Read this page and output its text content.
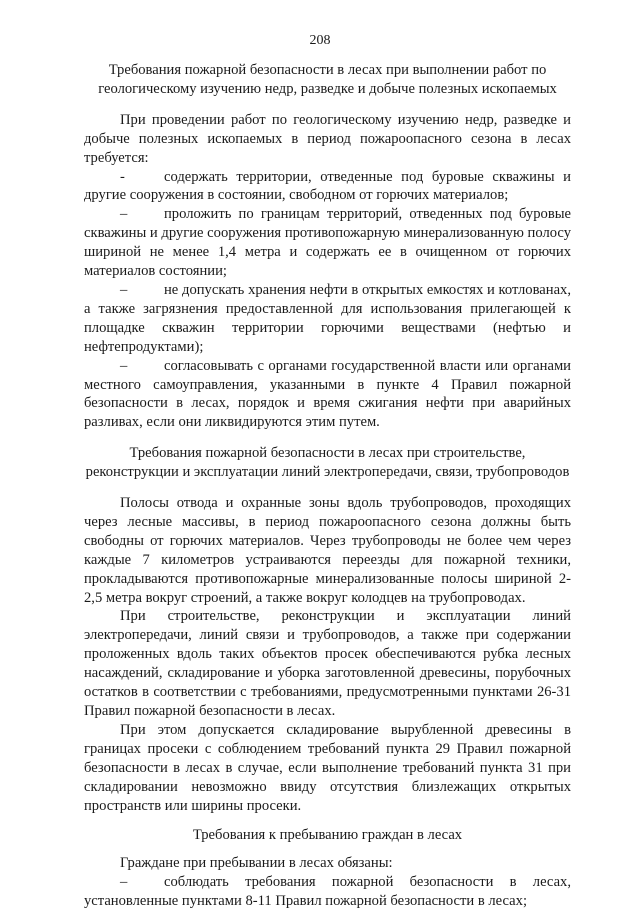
208
Требования пожарной безопасности в лесах при выполнении работ по геологическому изучению недр, разведке и добыче полезных ископаемых

При проведении работ по геологическому изучению недр, разведке и добыче полезных ископаемых в период пожароопасного сезона в лесах требуется:

-	содержать территории, отведенные под буровые скважины и другие сооружения в состоянии, свободном от горючих материалов;

–	проложить по границам территорий, отведенных под буровые скважины и другие сооружения противопожарную минерализованную полосу шириной не менее 1,4 метра и содержать ее в очищенном от горючих материалов состоянии;

–	не допускать хранения нефти в открытых емкостях и котлованах, а также загрязнения предоставленной для использования прилегающей к площадке скважин территории горючими веществами (нефтью и нефтепродуктами);

–	согласовывать с органами государственной власти или органами местного самоуправления, указанными в пункте 4 Правил пожарной безопасности в лесах, порядок и время сжигания нефти при аварийных разливах, если они ликвидируются этим путем.

Требования пожарной безопасности в лесах при строительстве, реконструкции и эксплуатации линий электропередачи, связи, трубопроводов

Полосы отвода и охранные зоны вдоль трубопроводов, проходящих через лесные массивы, в период пожароопасного сезона должны быть свободны от горючих материалов. Через трубопроводы не более чем через каждые 7 километров устраиваются переезды для пожарной техники, прокладываются противопожарные минерализованные полосы шириной 2-2,5 метра вокруг строений, а также вокруг колодцев на трубопроводах.

При строительстве, реконструкции и эксплуатации линий электропередачи, линий связи и трубопроводов, а также при содержании проложенных вдоль таких объектов просек обеспечиваются рубка лесных насаждений, складирование и уборка заготовленной древесины, порубочных остатков в соответствии с требованиями, предусмотренными пунктами 26-31 Правил пожарной безопасности в лесах.

При этом допускается складирование вырубленной древесины в границах просеки с соблюдением требований пункта 29 Правил пожарной безопасности в лесах в случае, если выполнение требований пункта 31 при складировании невозможно ввиду отсутствия близлежащих открытых пространств или ширины просеки.

Требования к пребыванию граждан в лесах

Граждане при пребывании в лесах обязаны:

–	соблюдать требования пожарной безопасности в лесах, установленные пунктами 8-11 Правил пожарной безопасности в лесах;
